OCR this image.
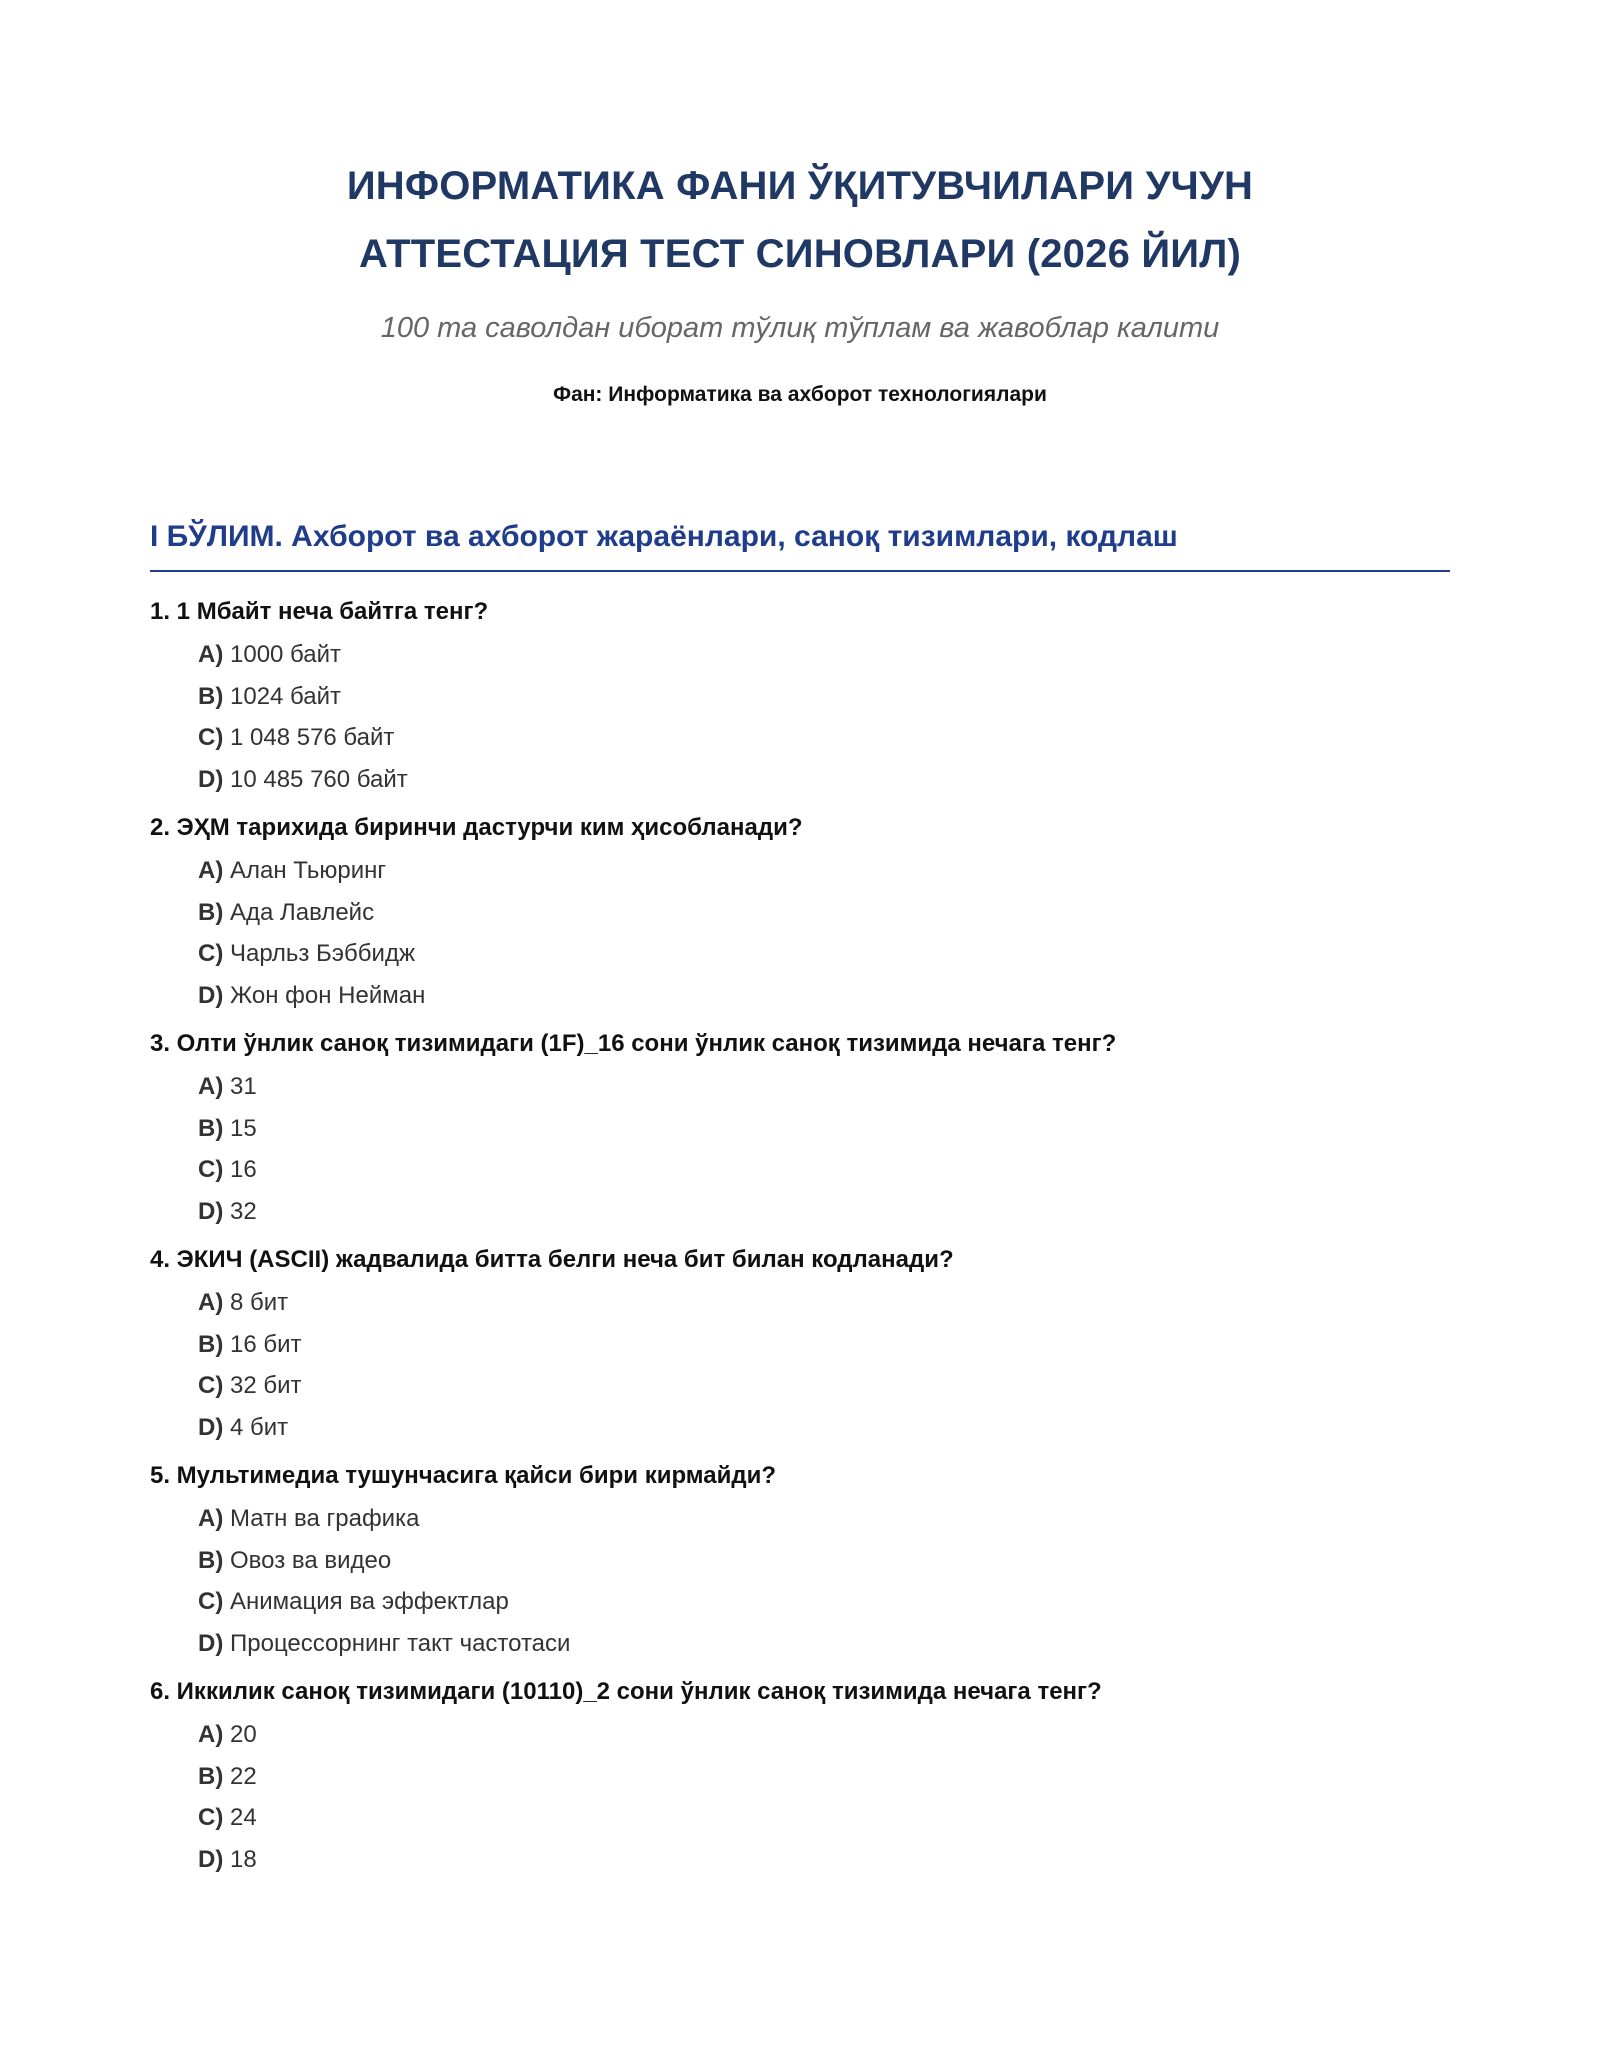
ИНФОРМАТИКА ФАНИ ЎҚИТУВЧИЛАРИ УЧУН
АТТЕСТАЦИЯ ТЕСТ СИНОВЛАРИ (2026 ЙИЛ)
100 та саволдан иборат тўлиқ тўплам ва жавоблар калити
Фан: Информатика ва ахборот технологиялари
I БЎЛИМ. Ахборот ва ахборот жараёнлари, саноқ тизимлари, кодлаш
1. 1 Мбайт неча байтга тенг?
A) 1000 байт
B) 1024 байт
C) 1 048 576 байт
D) 10 485 760 байт
2. ЭҲМ тарихида биринчи дастурчи ким ҳисобланади?
A) Алан Тьюринг
B) Ада Лавлейс
C) Чарльз Бэббидж
D) Жон фон Нейман
3. Олти ўнлик саноқ тизимидаги (1F)_16 сони ўнлик саноқ тизимида нечага тенг?
A) 31
B) 15
C) 16
D) 32
4. ЭКИЧ (ASCII) жадвалида битта белги неча бит билан кодланади?
A) 8 бит
B) 16 бит
C) 32 бит
D) 4 бит
5. Мультимедиа тушунчасига қайси бири кирмайди?
A) Матн ва графика
B) Овоз ва видео
C) Анимация ва эффектлар
D) Процессорнинг такт частотаси
6. Иккилик саноқ тизимидаги (10110)_2 сони ўнлик саноқ тизимида нечага тенг?
A) 20
B) 22
C) 24
D) 18
